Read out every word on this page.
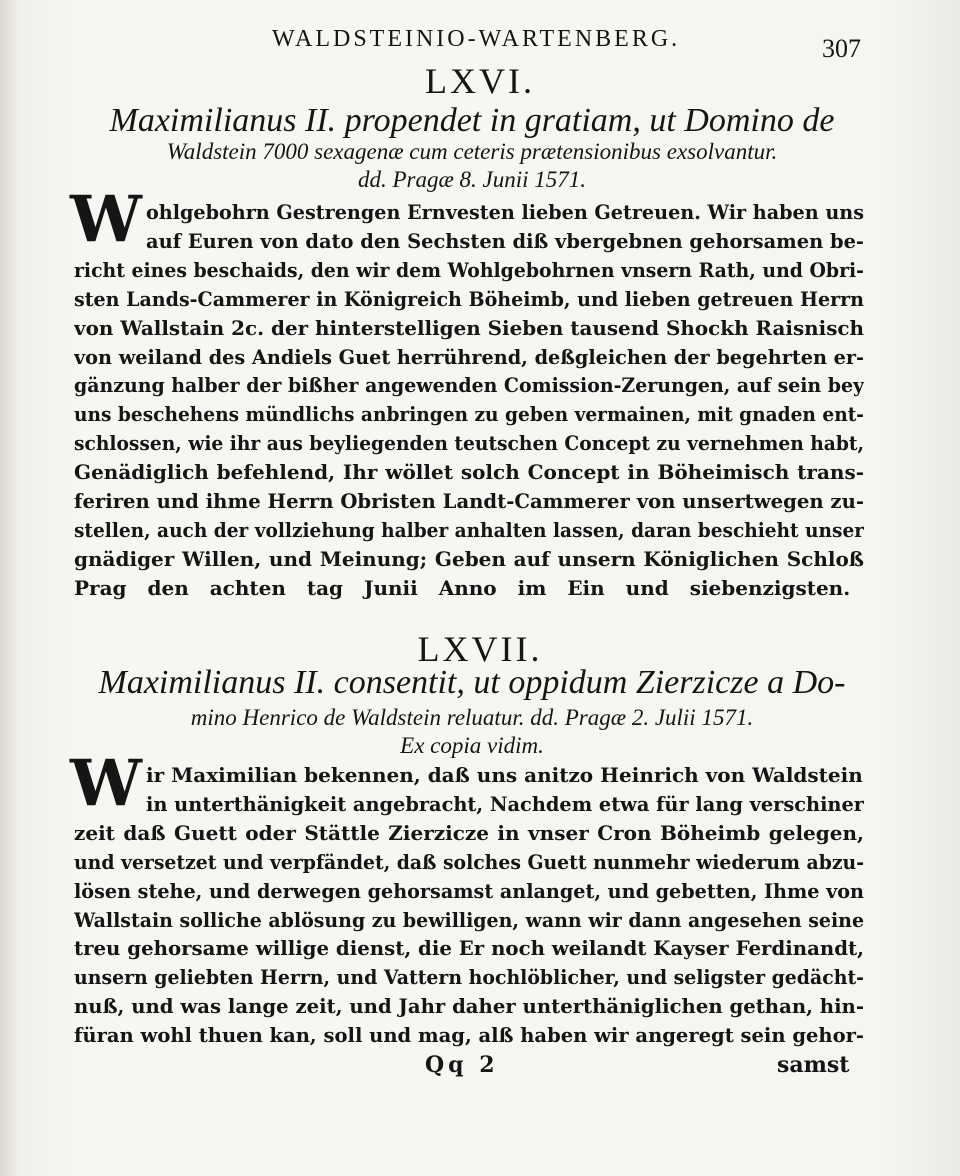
WALDSTEINIO-WARTENBERG.	307
LXVI.
Maximilianus II. propendet in gratiam, ut Domino de
Waldstein 7000 sexagenæ cum ceteris prætensionibus exsolvantur.
dd. Pragæ 8. Junii 1571.
W ohlgebohrn Gestrengen Ernvesten lieben Getreuen. Wir haben uns
auf Euren von dato den Sechsten diß vbergebnen gehorsamen be-
richt eines beschaids, den wir dem Wohlgebohrnen vnsern Rath, und Obri-
sten Lands-Cammerer in Königreich Böheimb, und lieben getreuen Herrn
von Wallstain 2c. der hinterstelligen Sieben tausend Shockh Raisnisch
von weiland des Andiels Guet herrührend, deßgleichen der begehrten er-
gänzung halber der bißher angewenden Comission-Zerungen, auf sein bey
uns beschehens mündlichs anbringen zu geben vermainen, mit gnaden ent-
schlossen, wie ihr aus beyliegenden teutschen Concept zu vernehmen habt,
Genädiglich befehlend, Ihr wöllet solch Concept in Böheimisch trans-
feriren und ihme Herrn Obristen Landt-Cammerer von unsertwegen zu-
stellen, auch der vollziehung halber anhalten lassen, daran beschieht unser
gnädiger Willen, und Meinung; Geben auf unsern Königlichen Schloß
Prag den achten tag Junii Anno im Ein und siebenzigsten.
LXVII.
Maximilianus II. consentit, ut oppidum Zierzicze a Do-
mino Henrico de Waldstein reluatur. dd. Pragæ 2. Julii 1571.
Ex copia vidim.
W ir Maximilian bekennen, daß uns anitzo Heinrich von Waldstein
in unterthänigkeit angebracht, Nachdem etwa für lang verschiner
zeit daß Guett oder Stättle Zierzicze in vnser Cron Böheimb gelegen,
und versetzet und verpfändet, daß solches Guett nunmehr wiederum abzu-
lösen stehe, und derwegen gehorsamst anlanget, und gebetten, Ihme von
Wallstain solliche ablösung zu bewilligen, wann wir dann angesehen seine
treu gehorsame willige dienst, die Er noch weilandt Kayser Ferdinandt,
unsern geliebten Herrn, und Vattern hochlöblicher, und seligster gedächt-
nuß, und was lange zeit, und Jahr daher unterthäniglichen gethan, hin-
füran wohl thuen kan, soll und mag, alß haben wir angeregt sein gehor-
Qq 2	samst
